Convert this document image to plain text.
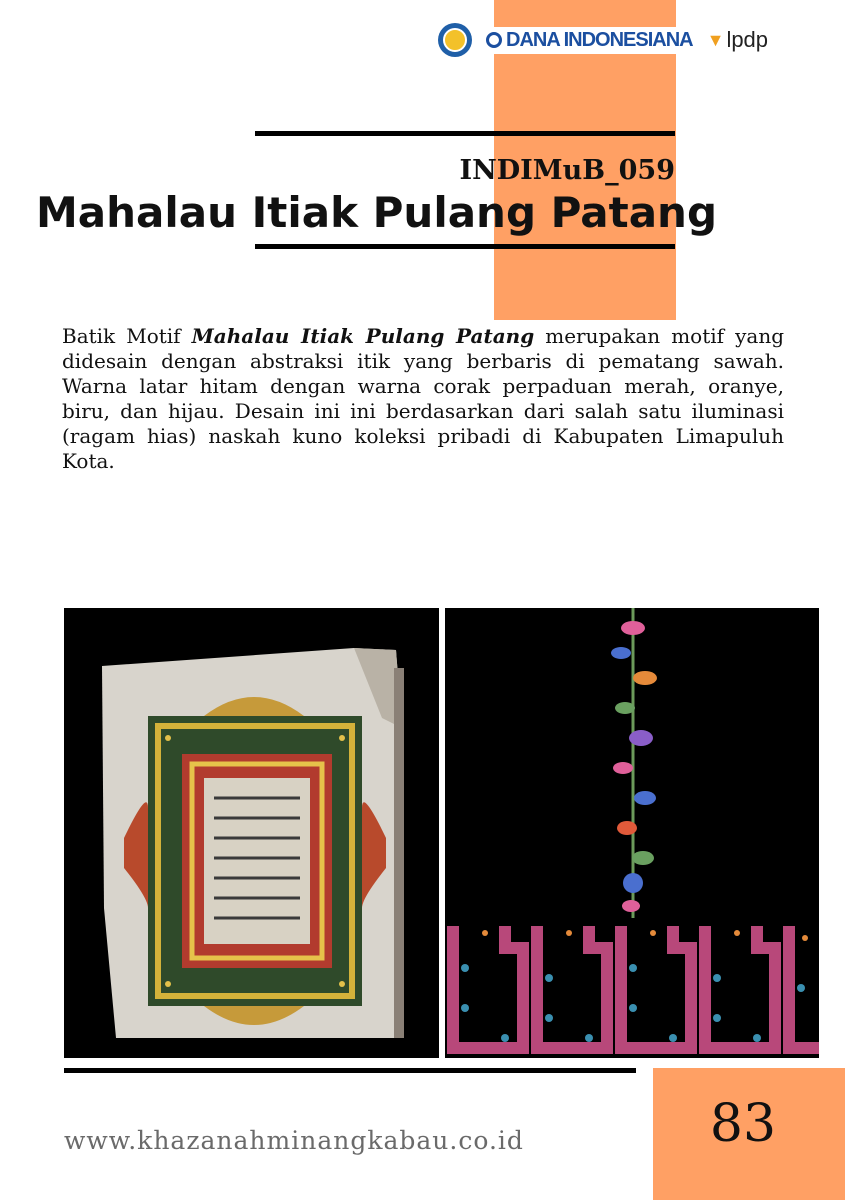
DANA INDONESIANA ▼ lpdp
INDIMuB_059
Mahalau Itiak Pulang Patang

Batik Motif Mahalau Itiak Pulang Patang merupakan motif yang didesain dengan abstraksi itik yang berbaris di pematang sawah. Warna latar hitam dengan warna corak perpaduan merah, oranye, biru, dan hijau. Desain ini ini berdasarkan dari salah satu iluminasi (ragam hias) naskah kuno koleksi pribadi di Kabupaten Limapuluh Kota.

83
www.khazanahminangkabau.co.id
